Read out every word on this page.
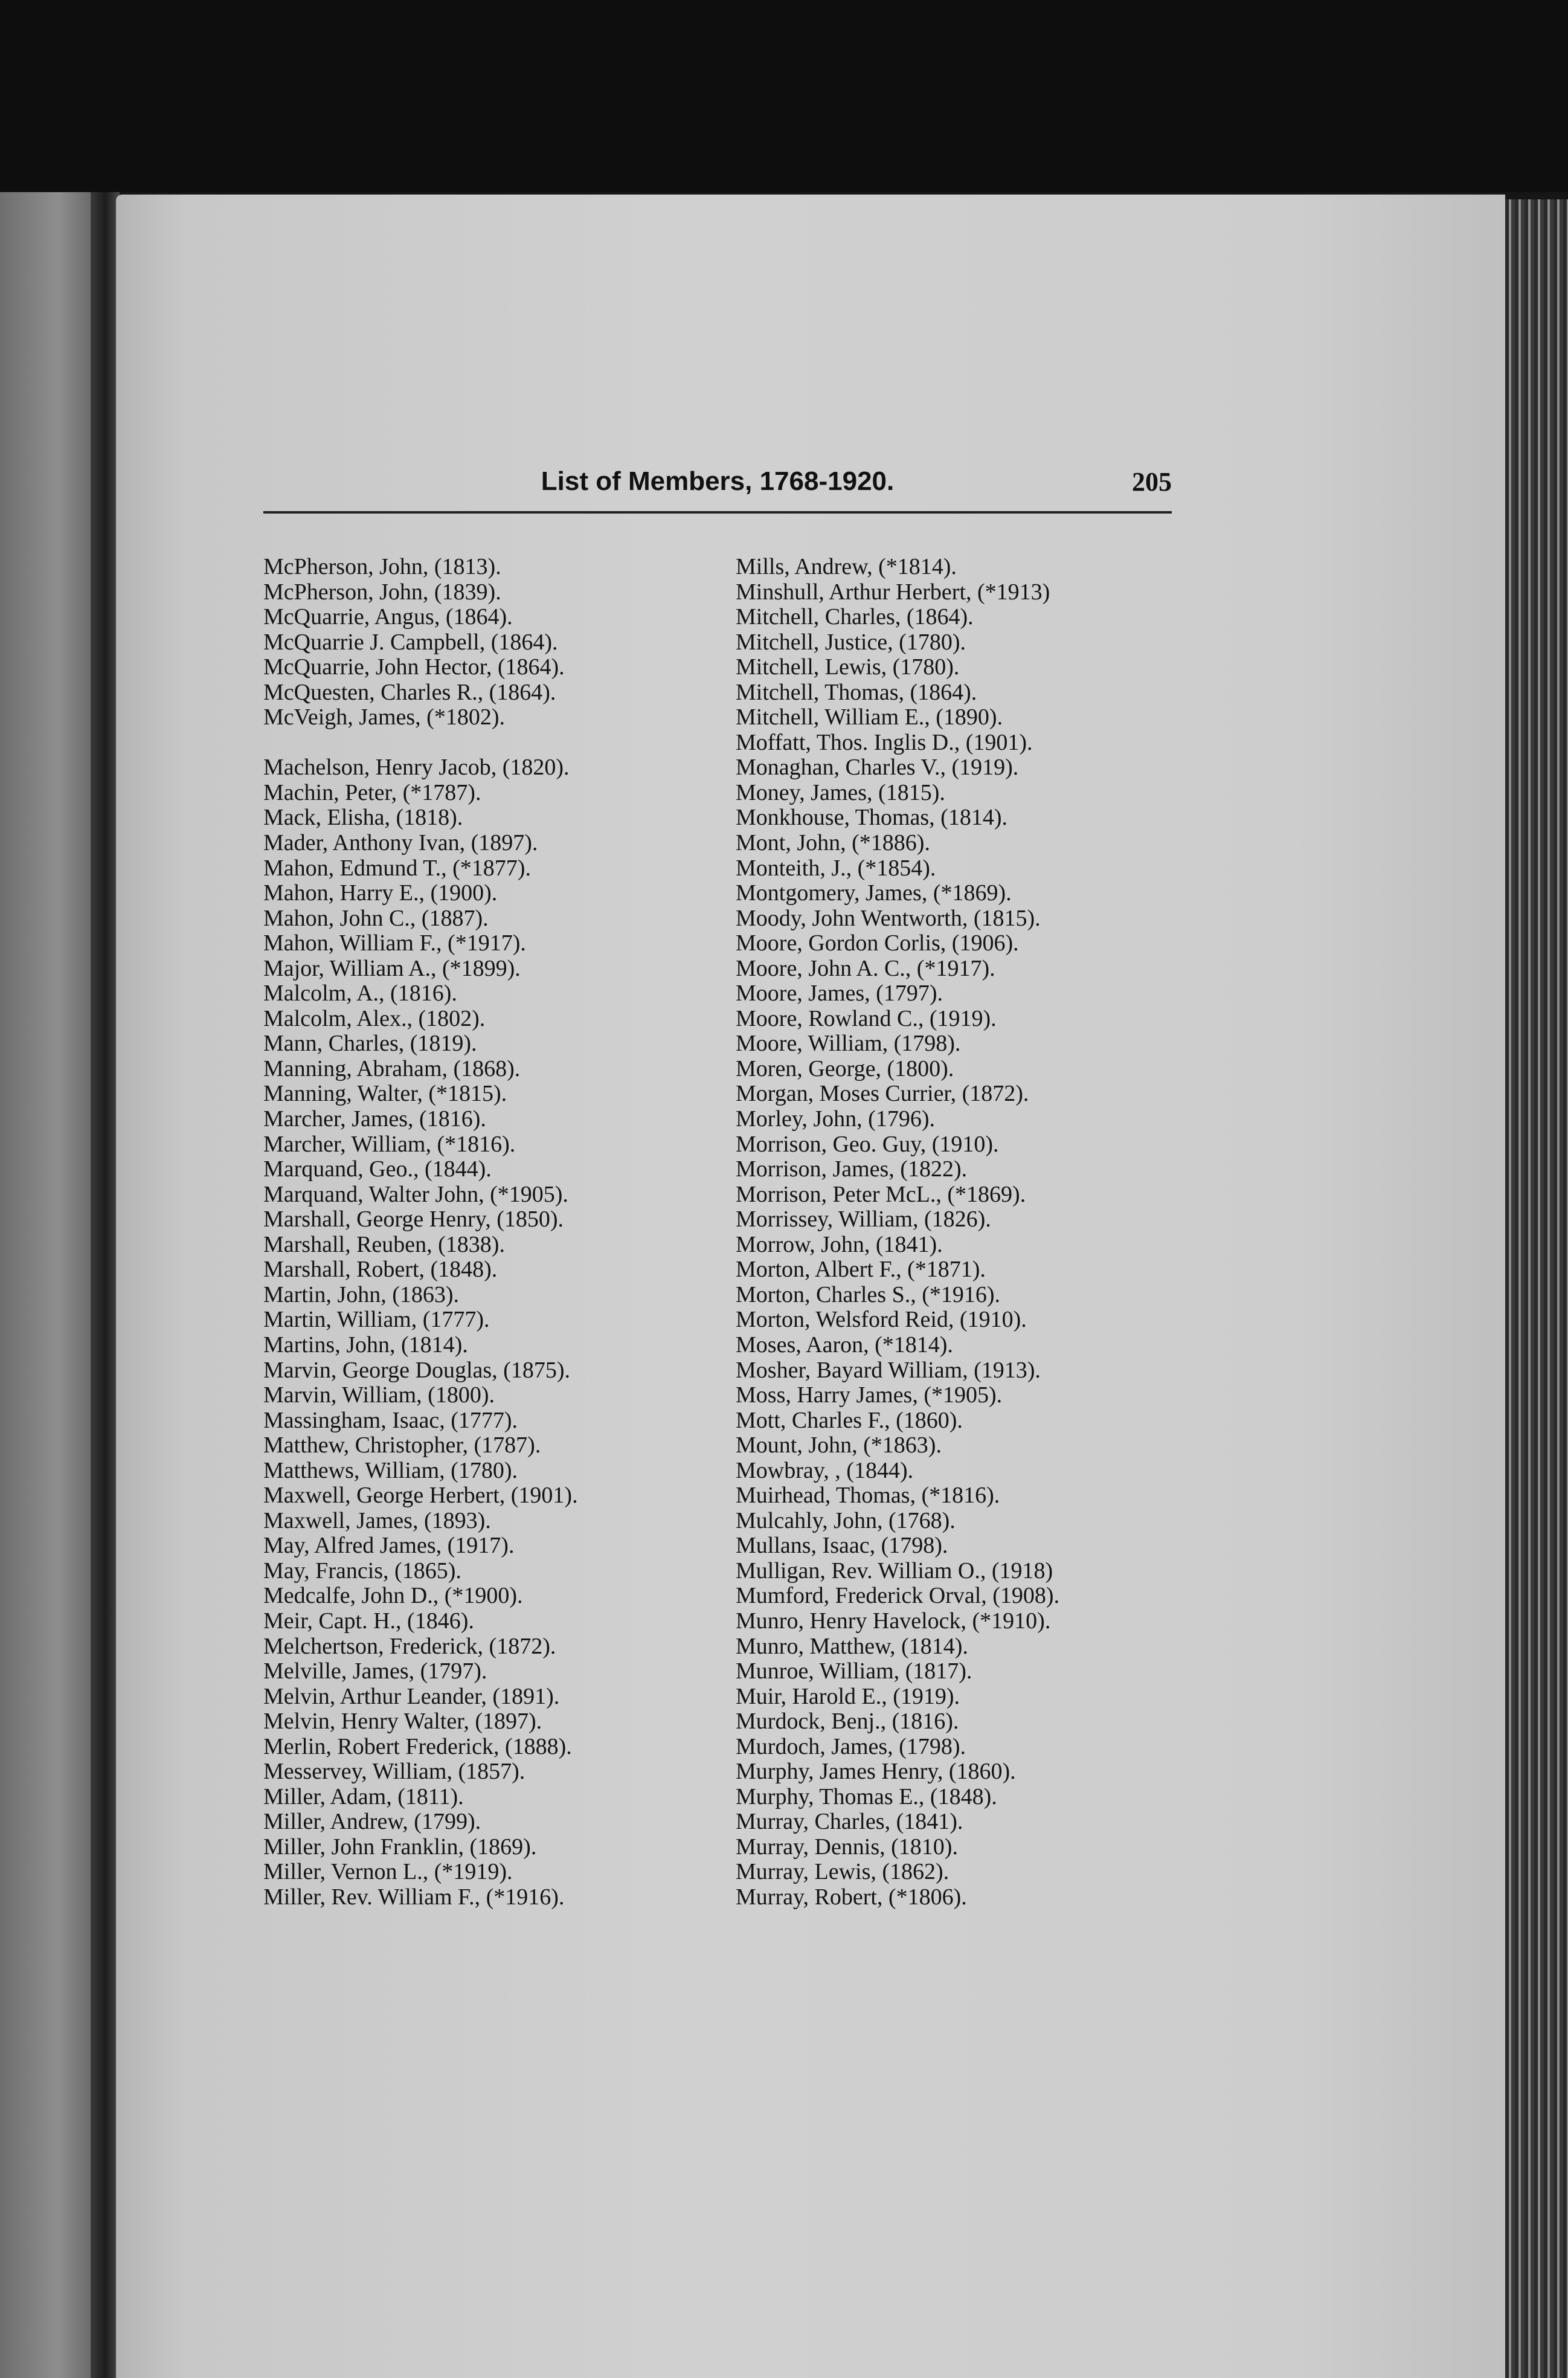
List of Members, 1768-1920.	205
McPherson, John, (1813).
McPherson, John, (1839).
McQuarrie, Angus, (1864).
McQuarrie J. Campbell, (1864).
McQuarrie, John Hector, (1864).
McQuesten, Charles R., (1864).
McVeigh, James, (*1802).
Machelson, Henry Jacob, (1820).
Machin, Peter, (*1787).
Mack, Elisha, (1818).
Mader, Anthony Ivan, (1897).
Mahon, Edmund T., (*1877).
Mahon, Harry E., (1900).
Mahon, John C., (1887).
Mahon, William F., (*1917).
Major, William A., (*1899).
Malcolm, A., (1816).
Malcolm, Alex., (1802).
Mann, Charles, (1819).
Manning, Abraham, (1868).
Manning, Walter, (*1815).
Marcher, James, (1816).
Marcher, William, (*1816).
Marquand, Geo., (1844).
Marquand, Walter John, (*1905).
Marshall, George Henry, (1850).
Marshall, Reuben, (1838).
Marshall, Robert, (1848).
Martin, John, (1863).
Martin, William, (1777).
Martins, John, (1814).
Marvin, George Douglas, (1875).
Marvin, William, (1800).
Massingham, Isaac, (1777).
Matthew, Christopher, (1787).
Matthews, William, (1780).
Maxwell, George Herbert, (1901).
Maxwell, James, (1893).
May, Alfred James, (1917).
May, Francis, (1865).
Medcalfe, John D., (*1900).
Meir, Capt. H., (1846).
Melchertson, Frederick, (1872).
Melville, James, (1797).
Melvin, Arthur Leander, (1891).
Melvin, Henry Walter, (1897).
Merlin, Robert Frederick, (1888).
Messervey, William, (1857).
Miller, Adam, (1811).
Miller, Andrew, (1799).
Miller, John Franklin, (1869).
Miller, Vernon L., (*1919).
Miller, Rev. William F., (*1916).
Mills, Andrew, (*1814).
Minshull, Arthur Herbert, (*1913)
Mitchell, Charles, (1864).
Mitchell, Justice, (1780).
Mitchell, Lewis, (1780).
Mitchell, Thomas, (1864).
Mitchell, William E., (1890).
Moffatt, Thos. Inglis D., (1901).
Monaghan, Charles V., (1919).
Money, James, (1815).
Monkhouse, Thomas, (1814).
Mont, John, (*1886).
Monteith, J., (*1854).
Montgomery, James, (*1869).
Moody, John Wentworth, (1815).
Moore, Gordon Corlis, (1906).
Moore, John A. C., (*1917).
Moore, James, (1797).
Moore, Rowland C., (1919).
Moore, William, (1798).
Moren, George, (1800).
Morgan, Moses Currier, (1872).
Morley, John, (1796).
Morrison, Geo. Guy, (1910).
Morrison, James, (1822).
Morrison, Peter McL., (*1869).
Morrissey, William, (1826).
Morrow, John, (1841).
Morton, Albert F., (*1871).
Morton, Charles S., (*1916).
Morton, Welsford Reid, (1910).
Moses, Aaron, (*1814).
Mosher, Bayard William, (1913).
Moss, Harry James, (*1905).
Mott, Charles F., (1860).
Mount, John, (*1863).
Mowbray, , (1844).
Muirhead, Thomas, (*1816).
Mulcahly, John, (1768).
Mullans, Isaac, (1798).
Mulligan, Rev. William O., (1918)
Mumford, Frederick Orval, (1908).
Munro, Henry Havelock, (*1910).
Munro, Matthew, (1814).
Munroe, William, (1817).
Muir, Harold E., (1919).
Murdock, Benj., (1816).
Murdoch, James, (1798).
Murphy, James Henry, (1860).
Murphy, Thomas E., (1848).
Murray, Charles, (1841).
Murray, Dennis, (1810).
Murray, Lewis, (1862).
Murray, Robert, (*1806).
